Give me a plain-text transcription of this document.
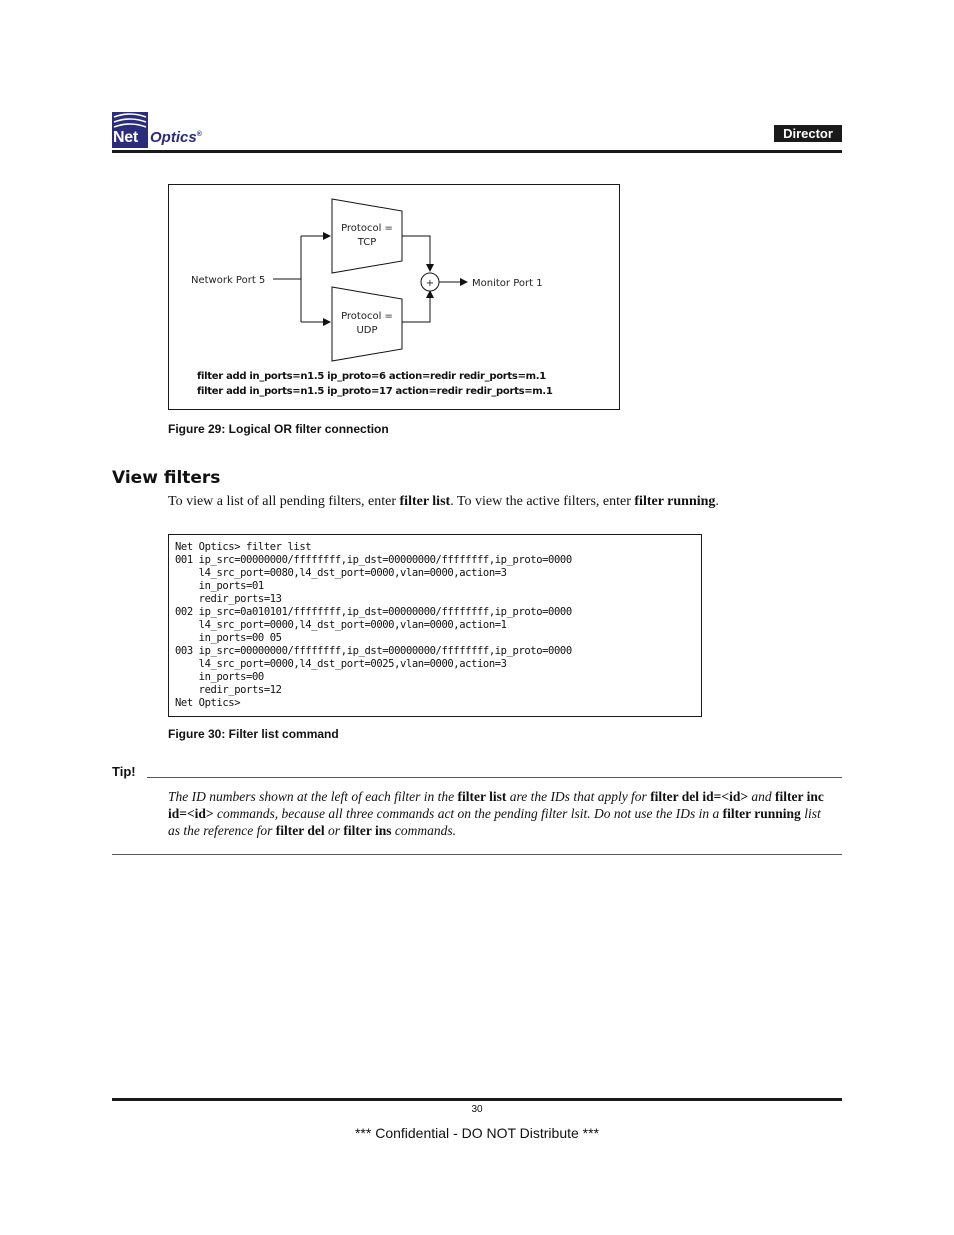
Net Optics®	Director
Network Port 5
Protocol =
TCP
Protocol =
UDP
+	Monitor Port 1
filter add in_ports=n1.5 ip_proto=6 action=redir redir_ports=m.1
filter add in_ports=n1.5 ip_proto=17 action=redir redir_ports=m.1
Figure 29: Logical OR filter connection
View filters
To view a list of all pending filters, enter filter list. To view the active filters, enter filter running.
Net Optics> filter list
001 ip_src=00000000/ffffffff,ip_dst=00000000/ffffffff,ip_proto=0000
l4_src_port=0080,l4_dst_port=0000,vlan=0000,action=3
in_ports=01
redir_ports=13
002 ip_src=0a010101/ffffffff,ip_dst=00000000/ffffffff,ip_proto=0000
l4_src_port=0000,l4_dst_port=0000,vlan=0000,action=1
in_ports=00 05
003 ip_src=00000000/ffffffff,ip_dst=00000000/ffffffff,ip_proto=0000
l4_src_port=0000,l4_dst_port=0025,vlan=0000,action=3
in_ports=00
redir_ports=12
Net Optics>
Figure 30: Filter list command
Tip!
The ID numbers shown at the left of each filter in the filter list are the IDs that apply for filter del id=<id> and filter inc id=<id> commands, because all three commands act on the pending filter lsit. Do not use the IDs in a filter running list as the reference for filter del or filter ins commands.
30
*** Confidential - DO NOT Distribute ***
